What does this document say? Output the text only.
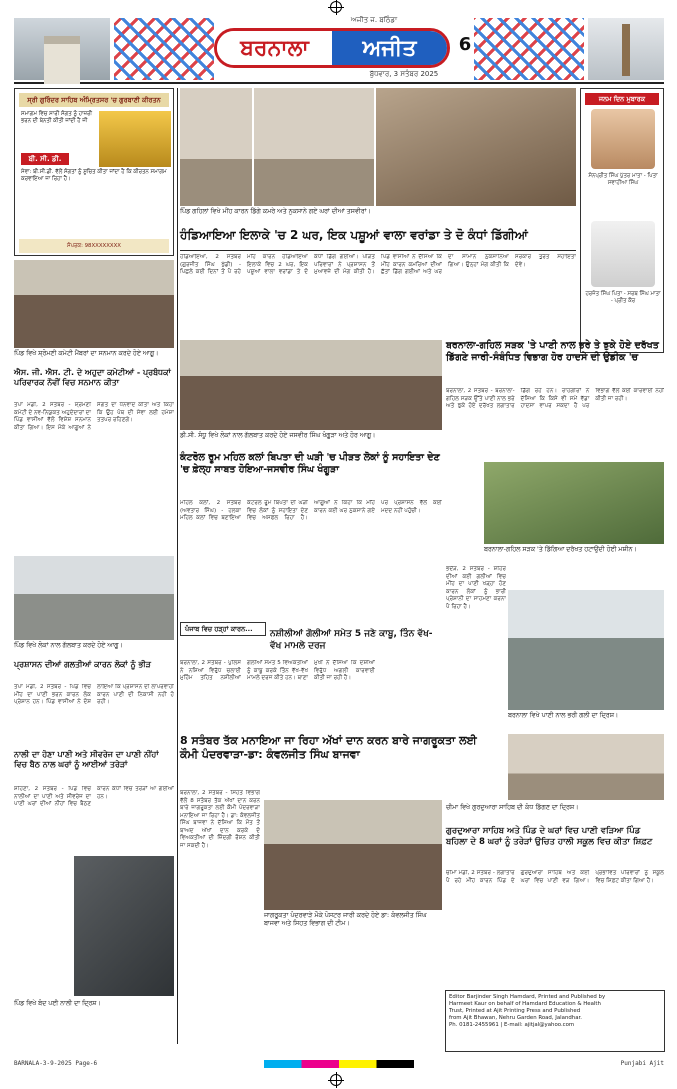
ਅਜੀਤ ਜ. ਬਠਿੰਡਾ
ਬਰਨਾਲਾ	ਅਜੀਤ	6
ਬੁੱਧਵਾਰ, 3 ਸਤੰਬਰ 2025
ਸ੍ਰੀ ਗੁਰਿੰਦਰ ਸਾਹਿਬ ਅੰਮ੍ਰਿਤਸਰ 'ਚ ਗੁਰਬਾਣੀ ਕੀਰਤਨ
ਸਮਾਗਮ ਵਿਚ ਸਾਰੀ ਸੰਗਤ ਨੂੰ ਹਾਜ਼ਰੀ ਭਰਨ ਦੀ ਬੇਨਤੀ ਕੀਤੀ ਜਾਂਦੀ ਹੈ ਜੀ
ਬੀ. ਸੀ. ਡੀ.
ਸੇਵਾ: ਬੀ.ਸੀ.ਡੀ. ਵੱਲੋਂ ਸੰਗਤਾਂ ਨੂੰ ਸੂਚਿਤ ਕੀਤਾ ਜਾਂਦਾ ਹੈ ਕਿ ਕੀਰਤਨ ਸਮਾਗਮ ਕਰਵਾਇਆ ਜਾ ਰਿਹਾ ਹੈ।
ਸੰਪਰਕ: 98XXXXXXXX
ਪਿੰਡ ਗਹਿਲਾਂ ਵਿਖੇ ਮੀਂਹ ਕਾਰਨ ਡਿੱਗੇ ਕਮਰੇ ਅਤੇ ਨੁਕਸਾਨੇ ਗਏ ਘਰਾਂ ਦੀਆਂ ਤਸਵੀਰਾਂ।
ਜਨਮ ਦਿਨ ਮੁਬਾਰਕ
ਸੰਨਪ੍ਰੀਤ ਸਿੰਘ ਪੁੱਤਰ ਮਾਤਾ - ਪਿਤਾ ਸਵਾਹੀਆ ਸਿੰਘ
ਹਰਜੋਤ ਸਿੰਘ ਪਿਤਾ - ਸਰਬ ਸਿੰਘ ਮਾਤਾ - ਪ੍ਰੀਤ ਕੌਰ
ਹੰਡਿਆਇਆ ਇਲਾਕੇ 'ਚ 2 ਘਰ, ਇਕ ਪਸ਼ੂਆਂ ਵਾਲਾ ਵਰਾਂਡਾ ਤੇ ਦੋ ਕੰਧਾਂ ਡਿੱਗੀਆਂ
ਹੰਡਿਆਇਆ, 2 ਸਤੰਬਰ (ਗੁਰਜੀਤ ਸਿੰਘ ਖੁੱਡੀ) - ਪਿਛਲੇ ਕਈ ਦਿਨਾਂ ਤੋਂ ਪੈ ਰਹੇ ਮੀਂਹ ਕਾਰਨ ਹੰਡਿਆਇਆ ਇਲਾਕੇ ਵਿਚ 2 ਘਰ, ਇਕ ਪਸ਼ੂਆਂ ਵਾਲਾ ਵਰਾਂਡਾ ਤੇ ਦੋ ਕੰਧਾਂ ਡਿੱਗ ਗਈਆਂ। ਪੀੜਤ ਪਰਿਵਾਰਾਂ ਨੇ ਪ੍ਰਸ਼ਾਸਨ ਤੋਂ ਮੁਆਵਜ਼ੇ ਦੀ ਮੰਗ ਕੀਤੀ ਹੈ। ਪਿੰਡ ਵਾਸੀਆਂ ਨੇ ਦੱਸਿਆ ਕਿ ਮੀਂਹ ਕਾਰਨ ਕਮਰਿਆਂ ਦੀਆਂ ਛੱਤਾਂ ਡਿੱਗ ਗਈਆਂ ਅਤੇ ਘਰ ਦਾ ਸਾਮਾਨ ਨੁਕਸਾਨਿਆ ਗਿਆ। ਉਨ੍ਹਾਂ ਮੰਗ ਕੀਤੀ ਕਿ ਸਰਕਾਰ ਤੁਰੰਤ ਸਹਾਇਤਾ ਦੇਵੇ।
ਪਿੰਡ ਵਿਖੇ ਸ਼੍ਰੋਮਣੀ ਕਮੇਟੀ ਮੈਂਬਰਾਂ ਦਾ ਸਨਮਾਨ ਕਰਦੇ ਹੋਏ ਆਗੂ।
ਐਸ. ਜੀ. ਐਸ. ਟੀ. ਦੇ ਅਹੁਦਾ ਕਮੇਟੀਆਂ - ਪ੍ਰਬੰਧਕਾਂ ਪਰਿਵਾਰਕ ਨੌਵੀਂ ਵਿਚ ਸਨਮਾਨ ਕੀਤਾ
ਤਪਾ ਮੰਡੀ, 2 ਸਤੰਬਰ - ਸ਼੍ਰੋਮਣੀ ਕਮੇਟੀ ਦੇ ਨਵ-ਨਿਯੁਕਤ ਅਹੁਦੇਦਾਰਾਂ ਦਾ ਪਿੰਡ ਵਾਸੀਆਂ ਵੱਲੋਂ ਵਿਸ਼ੇਸ਼ ਸਨਮਾਨ ਕੀਤਾ ਗਿਆ। ਇਸ ਮੌਕੇ ਆਗੂਆਂ ਨੇ ਸੰਗਤ ਦਾ ਧੰਨਵਾਦ ਕੀਤਾ ਅਤੇ ਕਿਹਾ ਕਿ ਉਹ ਪੰਥ ਦੀ ਸੇਵਾ ਲਈ ਹਮੇਸ਼ਾ ਤਤਪਰ ਰਹਿਣਗੇ।
ਡੀ.ਸੀ. ਸੰਧੂ ਵਿਖੇ ਲੋਕਾਂ ਨਾਲ ਗੱਲਬਾਤ ਕਰਦੇ ਹੋਏ ਜਸਵੀਰ ਸਿੰਘ ਖੰਗੂੜਾ ਅਤੇ ਹੋਰ ਆਗੂ।
ਕੰਟਰੋਲ ਰੂਮ ਮਹਿਲ ਕਲਾਂ ਬਿਪਤਾ ਦੀ ਘੜੀ 'ਚ ਪੀੜਤ ਲੋਕਾਂ ਨੂੰ ਸਹਾਇਤਾ ਦੇਣ 'ਚ ਫ਼ੇਲ੍ਹ ਸਾਬਤ ਹੋਇਆ-ਜਸਵੀਰ ਸਿੰਘ ਖੰਗੂੜਾ
ਮਹਿਲ ਕਲਾਂ, 2 ਸਤੰਬਰ (ਅਵਤਾਰ ਸਿੰਘ) - ਹਲਕਾ ਮਹਿਲ ਕਲਾਂ ਵਿਚ ਬਣਾਇਆ ਕੰਟਰੋਲ ਰੂਮ ਬਿਪਤਾ ਦੀ ਘੜੀ ਵਿਚ ਲੋਕਾਂ ਨੂੰ ਸਹਾਇਤਾ ਦੇਣ ਵਿਚ ਅਸਫਲ ਰਿਹਾ ਹੈ। ਆਗੂਆਂ ਨੇ ਕਿਹਾ ਕਿ ਮੀਂਹ ਕਾਰਨ ਕਈ ਘਰ ਨੁਕਸਾਨੇ ਗਏ ਪਰ ਪ੍ਰਸ਼ਾਸਨ ਵੱਲੋਂ ਕੋਈ ਮਦਦ ਨਹੀਂ ਪਹੁੰਚੀ।
ਬਰਨਾਲਾ-ਗਹਿਲ ਸੜਕ 'ਤੇ ਪਾਣੀ ਨਾਲ ਭਰੇ ਤੇ ਝੁਕੇ ਹੋਏ ਦਰੱਖਤ ਡਿੱਗਣੇ ਜਾਰੀ-ਸੰਬੰਧਿਤ ਵਿਭਾਗ ਹੋਰ ਹਾਦਸੇ ਦੀ ਉਡੀਕ 'ਚ
ਬਰਨਾਲਾ, 2 ਸਤੰਬਰ - ਬਰਨਾਲਾ-ਗਹਿਲ ਸੜਕ ਉੱਤੇ ਪਾਣੀ ਨਾਲ ਭਰੇ ਅਤੇ ਝੁਕੇ ਹੋਏ ਦਰੱਖਤ ਲਗਾਤਾਰ ਡਿੱਗ ਰਹੇ ਹਨ। ਰਾਹਗੀਰਾਂ ਨੇ ਦੱਸਿਆ ਕਿ ਕਿਸੇ ਵੀ ਸਮੇਂ ਵੱਡਾ ਹਾਦਸਾ ਵਾਪਰ ਸਕਦਾ ਹੈ ਪਰ ਵਿਭਾਗ ਵੱਲੋਂ ਕੋਈ ਕਾਰਵਾਈ ਨਹੀਂ ਕੀਤੀ ਜਾ ਰਹੀ।
ਬਰਨਾਲਾ-ਗਹਿਲ ਸੜਕ 'ਤੇ ਡਿੱਗਿਆ ਦਰੱਖਤ ਹਟਾਉਂਦੀ ਹੋਈ ਮਸ਼ੀਨ।
ਪਿੰਡ ਵਿਖੇ ਲੋਕਾਂ ਨਾਲ ਗੱਲਬਾਤ ਕਰਦੇ ਹੋਏ ਆਗੂ।
ਪ੍ਰਸ਼ਾਸਨ ਦੀਆਂ ਗਲਤੀਆਂ ਕਾਰਨ ਲੋਕਾਂ ਨੂੰ ਭੀੜ
ਤਪਾ ਮੰਡੀ, 2 ਸਤੰਬਰ - ਪਿੰਡ ਵਿਚ ਮੀਂਹ ਦਾ ਪਾਣੀ ਭਰਨ ਕਾਰਨ ਲੋਕ ਪ੍ਰੇਸ਼ਾਨ ਹਨ। ਪਿੰਡ ਵਾਸੀਆਂ ਨੇ ਦੋਸ਼ ਲਾਇਆ ਕਿ ਪ੍ਰਸ਼ਾਸਨ ਦੀ ਲਾਪਰਵਾਹੀ ਕਾਰਨ ਪਾਣੀ ਦੀ ਨਿਕਾਸੀ ਨਹੀਂ ਹੋ ਰਹੀ।
ਪੰਜਾਬ ਵਿਚ ਹੜ੍ਹਾਂ ਕਾਰਨ...	ਨਸ਼ੀਲੀਆਂ ਗੋਲੀਆਂ ਸਮੇਤ 5 ਜਣੇ ਕਾਬੂ, ਤਿੰਨ ਵੱਖ-ਵੱਖ ਮਾਮਲੇ ਦਰਜ
ਬਰਨਾਲਾ, 2 ਸਤੰਬਰ - ਪੁਲਿਸ ਨੇ ਨਸ਼ਿਆਂ ਵਿਰੁੱਧ ਚਲਾਈ ਮੁਹਿੰਮ ਤਹਿਤ ਨਸ਼ੀਲੀਆਂ ਗੋਲੀਆਂ ਸਮੇਤ 5 ਵਿਅਕਤੀਆਂ ਨੂੰ ਕਾਬੂ ਕਰਕੇ ਤਿੰਨ ਵੱਖ-ਵੱਖ ਮਾਮਲੇ ਦਰਜ ਕੀਤੇ ਹਨ। ਥਾਣਾ ਮੁਖੀ ਨੇ ਦੱਸਿਆ ਕਿ ਦੋਸ਼ੀਆਂ ਵਿਰੁੱਧ ਅਗਲੀ ਕਾਰਵਾਈ ਕੀਤੀ ਜਾ ਰਹੀ ਹੈ।
ਭਦੌੜ, 2 ਸਤੰਬਰ - ਸ਼ਹਿਰ ਦੀਆਂ ਕਈ ਗਲੀਆਂ ਵਿਚ ਮੀਂਹ ਦਾ ਪਾਣੀ ਖੜ੍ਹਾ ਹੋਣ ਕਾਰਨ ਲੋਕਾਂ ਨੂੰ ਭਾਰੀ ਪ੍ਰੇਸ਼ਾਨੀ ਦਾ ਸਾਹਮਣਾ ਕਰਨਾ ਪੈ ਰਿਹਾ ਹੈ।
ਬਰਨਾਲਾ ਵਿਖੇ ਪਾਣੀ ਨਾਲ ਭਰੀ ਗਲੀ ਦਾ ਦ੍ਰਿਸ਼।
ਨਾਲੀ ਦਾ ਹੋਣਾ ਪਾਣੀ ਅਤੇ ਸੀਵਰੇਜ ਦਾ ਪਾਣੀ ਨੀਂਹਾਂ ਵਿਚ ਬੈਠ ਨਾਲ ਘਰਾਂ ਨੂੰ ਆਈਆਂ ਤਰੇੜਾਂ
ਸ਼ਹਿਣਾ, 2 ਸਤੰਬਰ - ਪਿੰਡ ਵਿਚ ਨਾਲੀਆਂ ਦਾ ਪਾਣੀ ਅਤੇ ਸੀਵਰੇਜ ਦਾ ਪਾਣੀ ਘਰਾਂ ਦੀਆਂ ਨੀਂਹਾਂ ਵਿਚ ਬੈਠਣ ਕਾਰਨ ਕੰਧਾਂ ਵਿਚ ਤਰੇੜਾਂ ਆ ਗਈਆਂ ਹਨ।
ਪਿੰਡ ਵਿਖੇ ਬੰਦ ਪਈ ਨਾਲੀ ਦਾ ਦ੍ਰਿਸ਼।
8 ਸਤੰਬਰ ਤੱਕ ਮਨਾਇਆ ਜਾ ਰਿਹਾ ਅੱਖਾਂ ਦਾਨ ਕਰਨ ਬਾਰੇ ਜਾਗਰੂਕਤਾ ਲਈ ਕੌਮੀ ਪੰਦਰਵਾੜਾ-ਡਾ: ਕੰਵਲਜੀਤ ਸਿੰਘ ਬਾਜਵਾ
ਬਰਨਾਲਾ, 2 ਸਤੰਬਰ - ਸਿਹਤ ਵਿਭਾਗ ਵੱਲੋਂ 8 ਸਤੰਬਰ ਤੱਕ ਅੱਖਾਂ ਦਾਨ ਕਰਨ ਬਾਰੇ ਜਾਗਰੂਕਤਾ ਲਈ ਕੌਮੀ ਪੰਦਰਵਾੜਾ ਮਨਾਇਆ ਜਾ ਰਿਹਾ ਹੈ। ਡਾ: ਕੰਵਲਜੀਤ ਸਿੰਘ ਬਾਜਵਾ ਨੇ ਦੱਸਿਆ ਕਿ ਮੌਤ ਤੋਂ ਬਾਅਦ ਅੱਖਾਂ ਦਾਨ ਕਰਕੇ ਦੋ ਵਿਅਕਤੀਆਂ ਦੀ ਜ਼ਿੰਦਗੀ ਰੌਸ਼ਨ ਕੀਤੀ ਜਾ ਸਕਦੀ ਹੈ।
ਜਾਗਰੂਕਤਾ ਪੰਦਰਵਾੜੇ ਮੌਕੇ ਪੋਸਟਰ ਜਾਰੀ ਕਰਦੇ ਹੋਏ ਡਾ: ਕੰਵਲਜੀਤ ਸਿੰਘ ਬਾਜਵਾ ਅਤੇ ਸਿਹਤ ਵਿਭਾਗ ਦੀ ਟੀਮ।
ਚੀਮਾ ਵਿਖੇ ਗੁਰਦੁਆਰਾ ਸਾਹਿਬ ਦੀ ਕੰਧ ਡਿੱਗਣ ਦਾ ਦ੍ਰਿਸ਼।
ਗੁਰਦੁਆਰਾ ਸਾਹਿਬ ਅਤੇ ਪਿੰਡ ਦੇ ਘਰਾਂ ਵਿਚ ਪਾਣੀ ਵੜਿਆ ਪਿੰਡ ਬਹਿਲਾ ਦੇ 8 ਘਰਾਂ ਨੂੰ ਤਰੇੜਾਂ ਉਚਿਤ ਹਾਲੀ ਸਕੂਲ ਵਿਚ ਕੀਤਾ ਸ਼ਿਫ਼ਟ
ਚੀਮਾ ਮੰਡੀ, 2 ਸਤੰਬਰ - ਲਗਾਤਾਰ ਪੈ ਰਹੇ ਮੀਂਹ ਕਾਰਨ ਪਿੰਡ ਦੇ ਗੁਰਦੁਆਰਾ ਸਾਹਿਬ ਅਤੇ ਕਈ ਘਰਾਂ ਵਿਚ ਪਾਣੀ ਵੜ ਗਿਆ। ਪ੍ਰਭਾਵਿਤ ਪਰਿਵਾਰਾਂ ਨੂੰ ਸਕੂਲ ਵਿਚ ਸ਼ਿਫ਼ਟ ਕੀਤਾ ਗਿਆ ਹੈ।
Editor Barjinder Singh Hamdard, Printed and Published by
Harmeet Kaur on behalf of Hamdard Education & Health
Trust, Printed at Ajit Printing Press and Published
from Ajit Bhawan, Nehru Garden Road, Jalandhar.
Ph. 0181-2455961 | E-mail: ajitjal@yahoo.com
BARNALA-3-9-2025 Page-6	Punjabi Ajit
